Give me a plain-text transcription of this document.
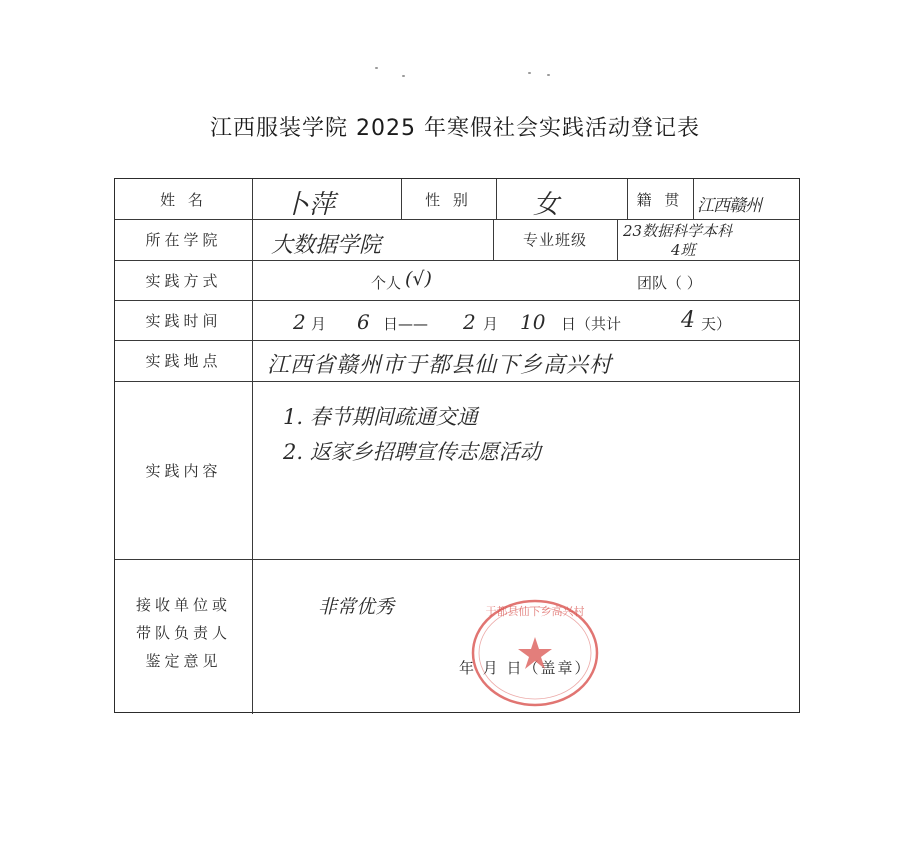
江西服装学院 2025 年寒假社会实践活动登记表
姓 名	卜萍	性 别	女	籍 贯 江西赣州
所在学院	大数据学院	专业班级	23数据科学本科
4班
实践方式	个人 (√)	团队（ ）
实践时间	2 月 6 日—— 2 月 10 日（共计	4 天）
实践地点	江西省赣州市于都县仙下乡高兴村
实践内容
1. 春节期间疏通交通
2. 返家乡招聘宣传志愿活动
接收单位或
带队负责人
鉴定意见
非常优秀
年 月 日（盖章）
于都县仙下乡高兴村
